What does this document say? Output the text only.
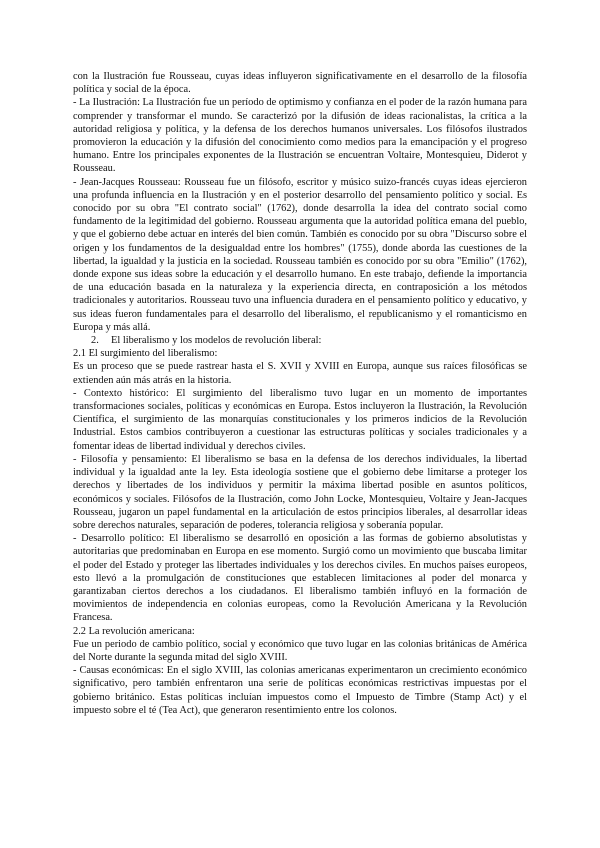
con la Ilustración fue Rousseau, cuyas ideas influyeron significativamente en el desarrollo de la filosofía política y social de la época.

- La Ilustración: La Ilustración fue un período de optimismo y confianza en el poder de la razón humana para comprender y transformar el mundo. Se caracterizó por la difusión de ideas racionalistas, la crítica a la autoridad religiosa y política, y la defensa de los derechos humanos universales. Los filósofos ilustrados promovieron la educación y la difusión del conocimiento como medios para la emancipación y el progreso humano. Entre los principales exponentes de la Ilustración se encuentran Voltaire, Montesquieu, Diderot y Rousseau.

- Jean-Jacques Rousseau: Rousseau fue un filósofo, escritor y músico suizo-francés cuyas ideas ejercieron una profunda influencia en la Ilustración y en el posterior desarrollo del pensamiento político y social. Es conocido por su obra "El contrato social" (1762), donde desarrolla la idea del contrato social como fundamento de la legitimidad del gobierno. Rousseau argumenta que la autoridad política emana del pueblo, y que el gobierno debe actuar en interés del bien común. También es conocido por su obra "Discurso sobre el origen y los fundamentos de la desigualdad entre los hombres" (1755), donde aborda las cuestiones de la libertad, la igualdad y la justicia en la sociedad. Rousseau también es conocido por su obra "Emilio" (1762), donde expone sus ideas sobre la educación y el desarrollo humano. En este trabajo, defiende la importancia de una educación basada en la naturaleza y la experiencia directa, en contraposición a los métodos tradicionales y autoritarios. Rousseau tuvo una influencia duradera en el pensamiento político y educativo, y sus ideas fueron fundamentales para el desarrollo del liberalismo, el republicanismo y el romanticismo en Europa y más allá.

2. El liberalismo y los modelos de revolución liberal:

2.1 El surgimiento del liberalismo:

Es un proceso que se puede rastrear hasta el S. XVII y XVIII en Europa, aunque sus raíces filosóficas se extienden aún más atrás en la historia.

- Contexto histórico: El surgimiento del liberalismo tuvo lugar en un momento de importantes transformaciones sociales, políticas y económicas en Europa. Estos incluyeron la Ilustración, la Revolución Científica, el surgimiento de las monarquías constitucionales y los primeros indicios de la Revolución Industrial. Estos cambios contribuyeron a cuestionar las estructuras políticas y sociales tradicionales y a fomentar ideas de libertad individual y derechos civiles.

- Filosofía y pensamiento: El liberalismo se basa en la defensa de los derechos individuales, la libertad individual y la igualdad ante la ley. Esta ideología sostiene que el gobierno debe limitarse a proteger los derechos y libertades de los individuos y permitir la máxima libertad posible en asuntos políticos, económicos y sociales. Filósofos de la Ilustración, como John Locke, Montesquieu, Voltaire y Jean-Jacques Rousseau, jugaron un papel fundamental en la articulación de estos principios liberales, al desarrollar ideas sobre derechos naturales, separación de poderes, tolerancia religiosa y soberanía popular.

- Desarrollo político: El liberalismo se desarrolló en oposición a las formas de gobierno absolutistas y autoritarias que predominaban en Europa en ese momento. Surgió como un movimiento que buscaba limitar el poder del Estado y proteger las libertades individuales y los derechos civiles. En muchos países europeos, esto llevó a la promulgación de constituciones que establecen limitaciones al poder del monarca y garantizaban ciertos derechos a los ciudadanos. El liberalismo también influyó en la formación de movimientos de independencia en colonias europeas, como la Revolución Americana y la Revolución Francesa.

2.2 La revolución americana:

Fue un periodo de cambio político, social y económico que tuvo lugar en las colonias británicas de América del Norte durante la segunda mitad del siglo XVIII.

- Causas económicas: En el siglo XVIII, las colonias americanas experimentaron un crecimiento económico significativo, pero también enfrentaron una serie de políticas económicas restrictivas impuestas por el gobierno británico. Estas políticas incluían impuestos como el Impuesto de Timbre (Stamp Act) y el impuesto sobre el té (Tea Act), que generaron resentimiento entre los colonos.
